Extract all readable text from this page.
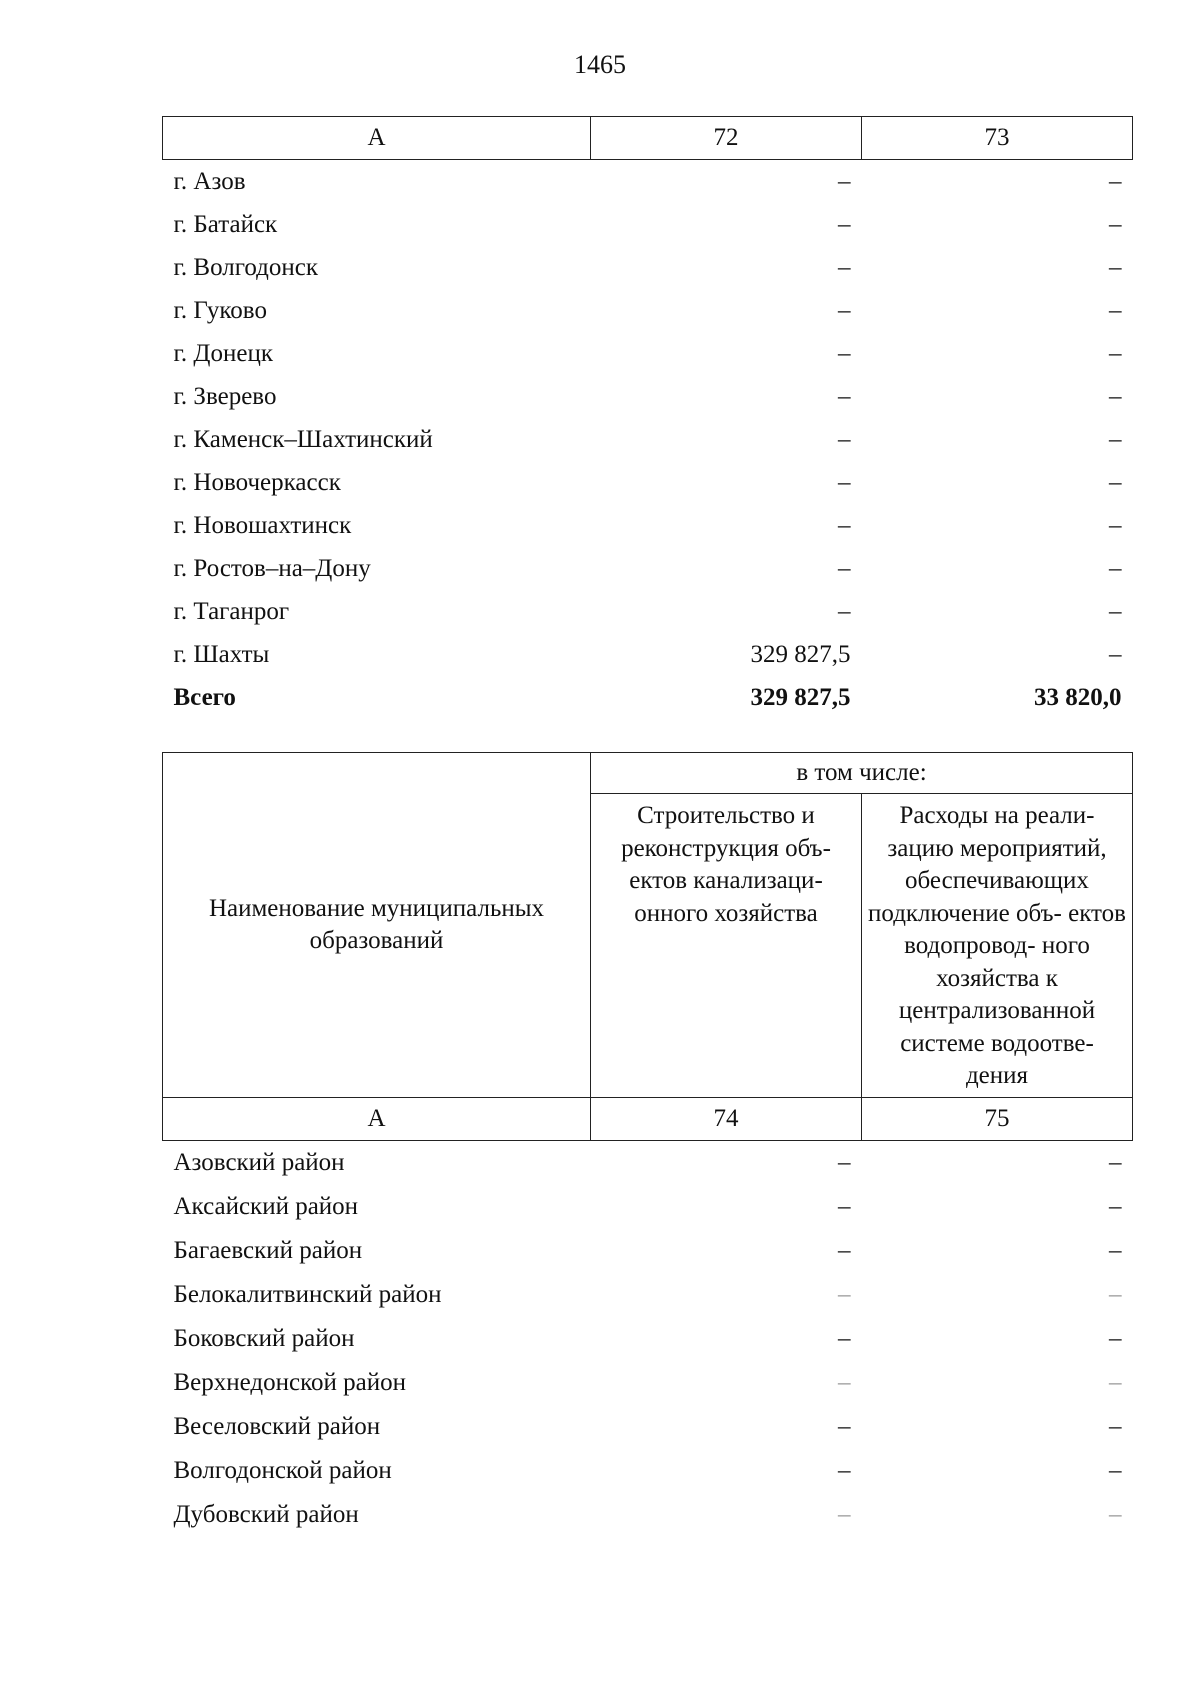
1465
А	72	73
г. Азов	–	–
г. Батайск	–	–
г. Волгодонск	–	–
г. Гуково	–	–
г. Донецк	–	–
г. Зверево	–	–
г. Каменск–Шахтинский	–	–
г. Новочеркасск	–	–
г. Новошахтинск	–	–
г. Ростов–на–Дону	–	–
г. Таганрог	–	–
г. Шахты	329 827,5	–
Всего	329 827,5	33 820,0
Наименование муниципальных образований	в том числе:	
	Строительство и реконструкция объ- ектов канализаци- онного хозяйства	Расходы на реали- зацию мероприятий, обеспечивающих подключение объ- ектов водопровод- ного хозяйства к централизованной системе водоотве- дения
А	74	75
Азовский район	–	–
Аксайский район	–	–
Багаевский район	–	–
Белокалитвинский район	–	–
Боковский район	–	–
Верхнедонской район	–	–
Веселовский район	–	–
Волгодонской район	–	–
Дубовский район	–	–
